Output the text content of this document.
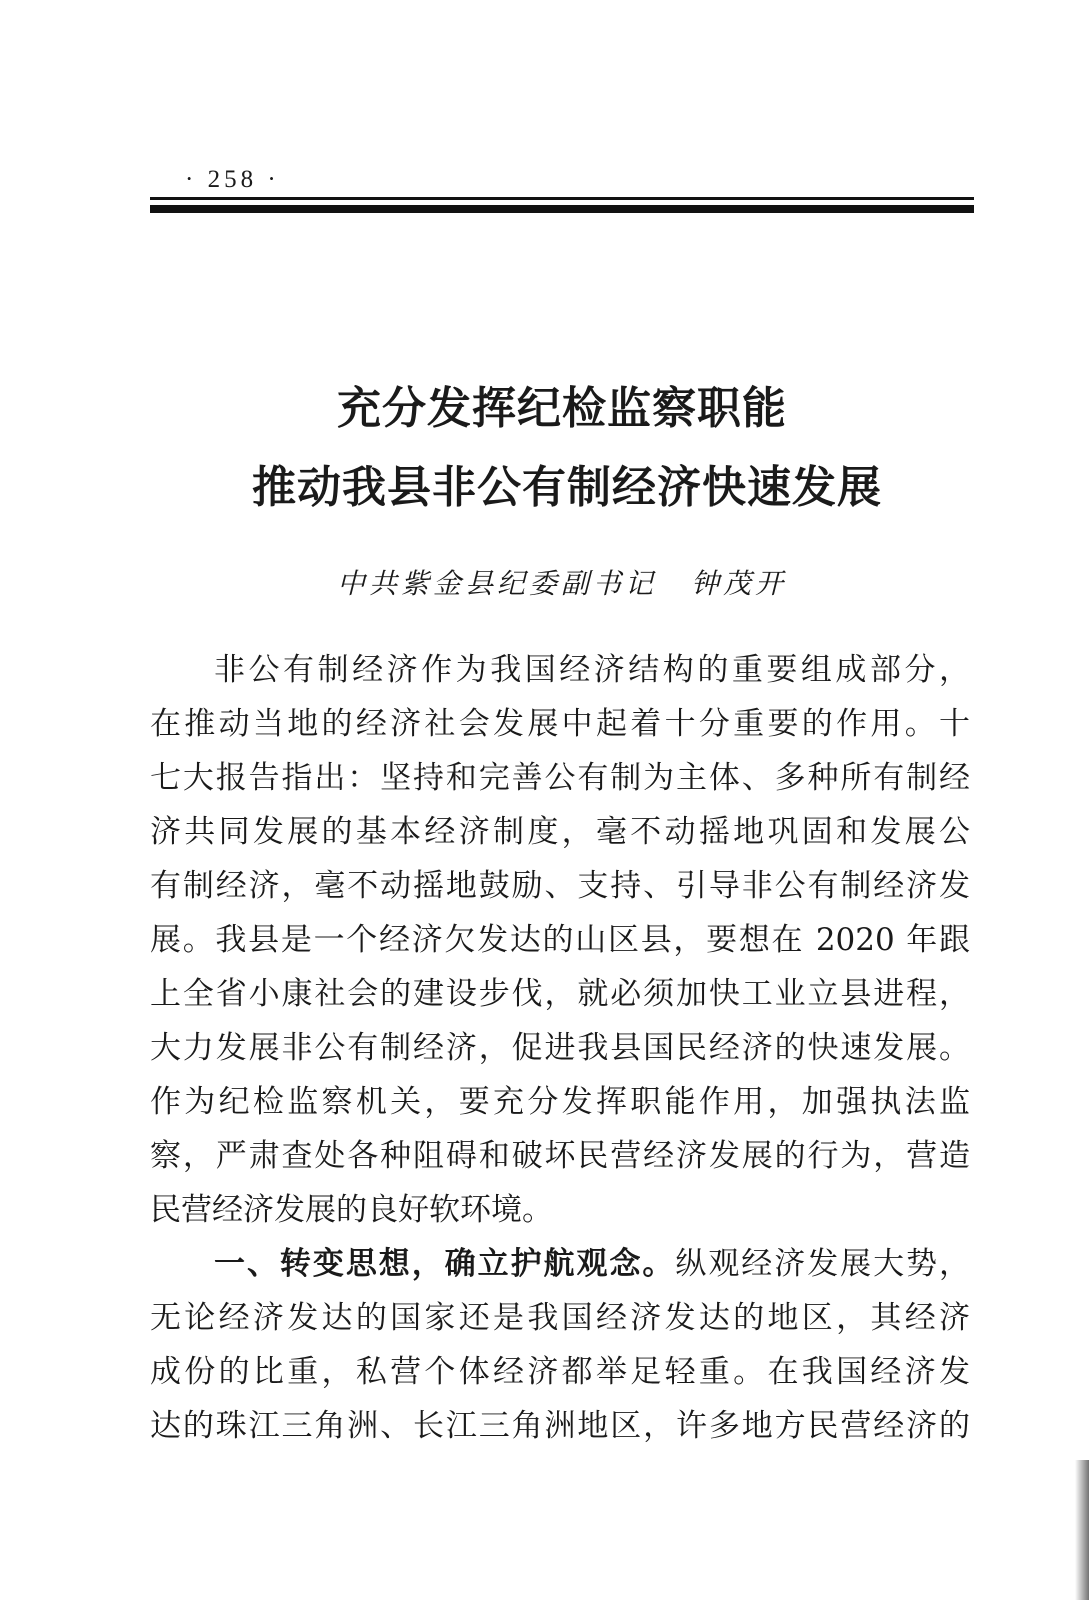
· 258 ·
充分发挥纪检监察职能
推动我县非公有制经济快速发展
中共紫金县纪委副书记 钟茂开
非公有制经济作为我国经济结构的重要组成部分，
在推动当地的经济社会发展中起着十分重要的作用。十
七大报告指出：坚持和完善公有制为主体、多种所有制经
济共同发展的基本经济制度，毫不动摇地巩固和发展公
有制经济，毫不动摇地鼓励、支持、引导非公有制经济发
展。我县是一个经济欠发达的山区县，要想在 2020 年跟
上全省小康社会的建设步伐，就必须加快工业立县进程，
大力发展非公有制经济，促进我县国民经济的快速发展。
作为纪检监察机关，要充分发挥职能作用，加强执法监
察，严肃查处各种阻碍和破坏民营经济发展的行为，营造
民营经济发展的良好软环境。
一、转变思想，确立护航观念。纵观经济发展大势，
无论经济发达的国家还是我国经济发达的地区，其经济
成份的比重，私营个体经济都举足轻重。在我国经济发
达的珠江三角洲、长江三角洲地区，许多地方民营经济的
